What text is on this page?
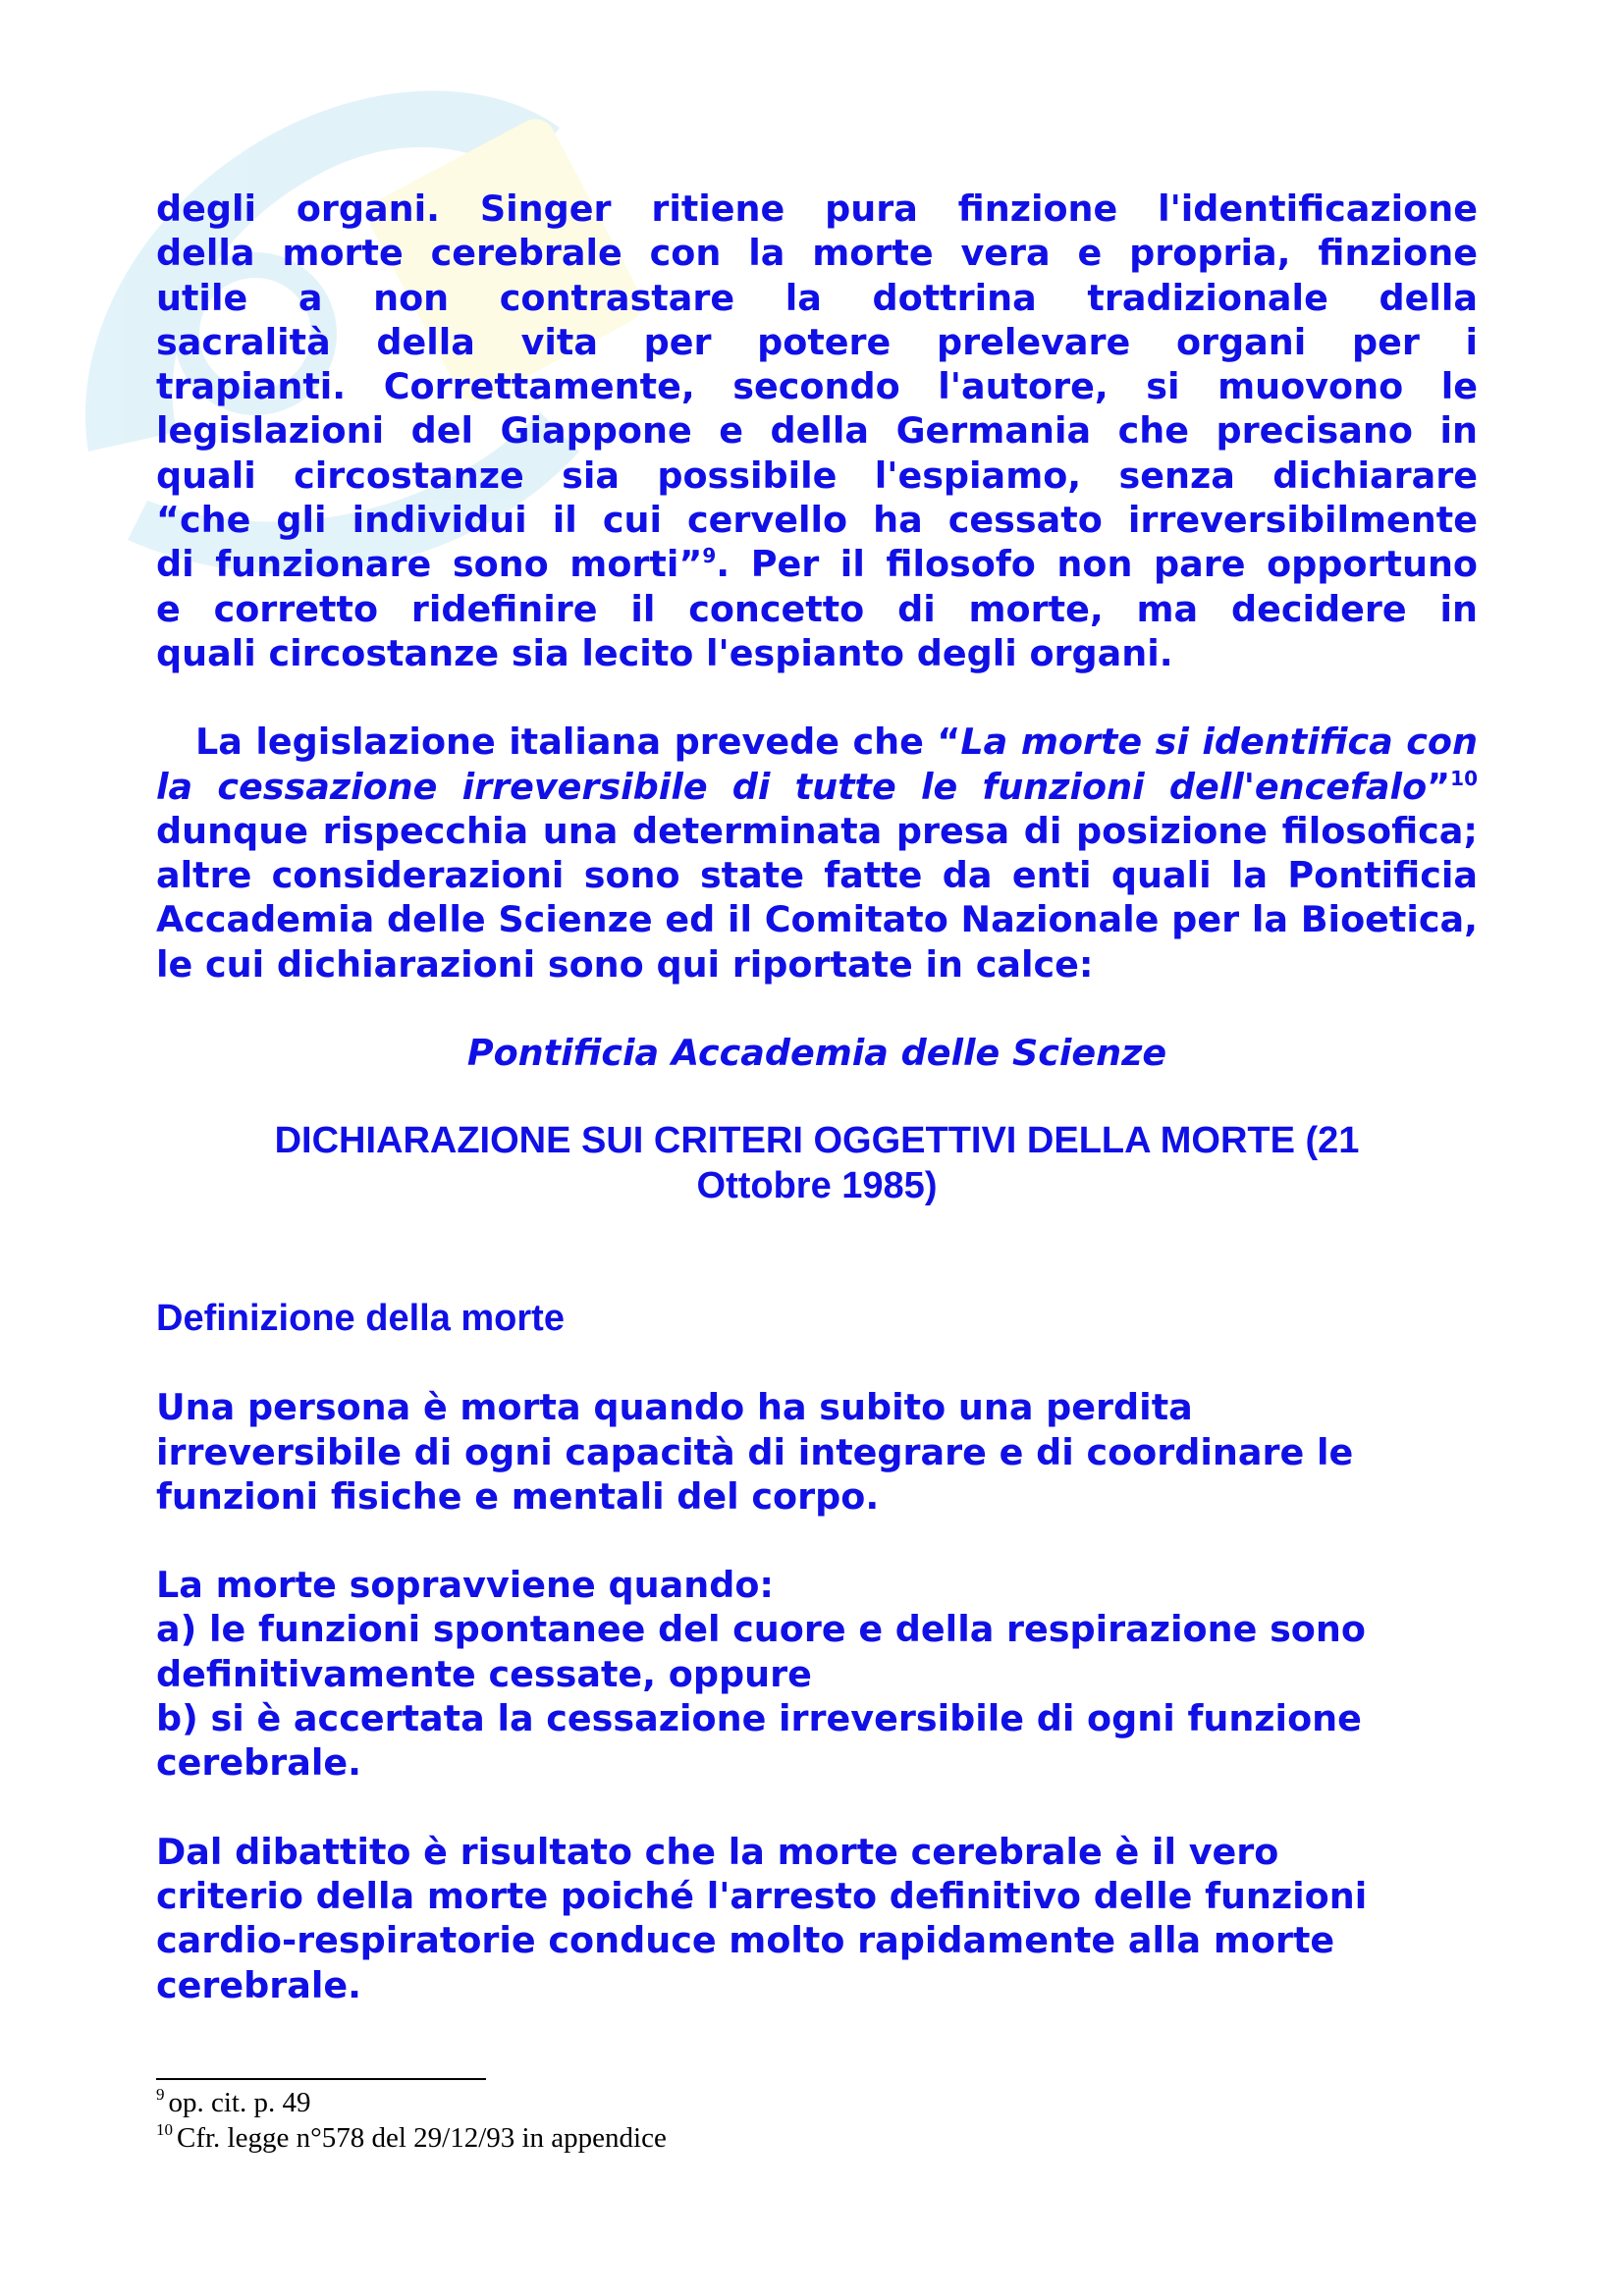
degli organi. Singer ritiene pura finzione l'identificazione

della morte cerebrale con la morte vera e propria, finzione

utile a non contrastare la dottrina tradizionale della

sacralità della vita per potere prelevare organi per i

trapianti. Correttamente, secondo l'autore, si muovono le

legislazioni del Giappone e della Germania che precisano in

quali circostanze sia possibile l'espiamo, senza dichiarare

“che gli individui il cui cervello ha cessato irreversibilmente

di funzionare sono morti”$^9$. Per il filosofo non pare opportuno

e corretto ridefinire il concetto di morte, ma decidere in

quali circostanze sia lecito l'espianto degli organi.

La legislazione italiana prevede che “La morte si identifica con la cessazione irreversibile di tutte le funzioni dell'encefalo”$^{10}$ dunque rispecchia una determinata presa di posizione filosofica; altre considerazioni sono state fatte da enti quali la Pontificia Accademia delle Scienze ed il Comitato Nazionale per la Bioetica, le cui dichiarazioni sono qui riportate in calce:

Pontificia Accademia delle Scienze

DICHIARAZIONE SUI CRITERI OGGETTIVI DELLA MORTE (21

Ottobre 1985)

Definizione della morte

Una persona è morta quando ha subito una perdita

irreversibile di ogni capacità di integrare e di coordinare le

funzioni fisiche e mentali del corpo.

La morte sopravviene quando:

a) le funzioni spontanee del cuore e della respirazione sono

definitivamente cessate, oppure

b) si è accertata la cessazione irreversibile di ogni funzione

cerebrale.

Dal dibattito è risultato che la morte cerebrale è il vero

criterio della morte poiché l'arresto definitivo delle funzioni

cardio-respiratorie conduce molto rapidamente alla morte

cerebrale.

$^9$ op. cit. p. 49
$^{10}$ Cfr. legge n°578 del 29/12/93 in appendice
